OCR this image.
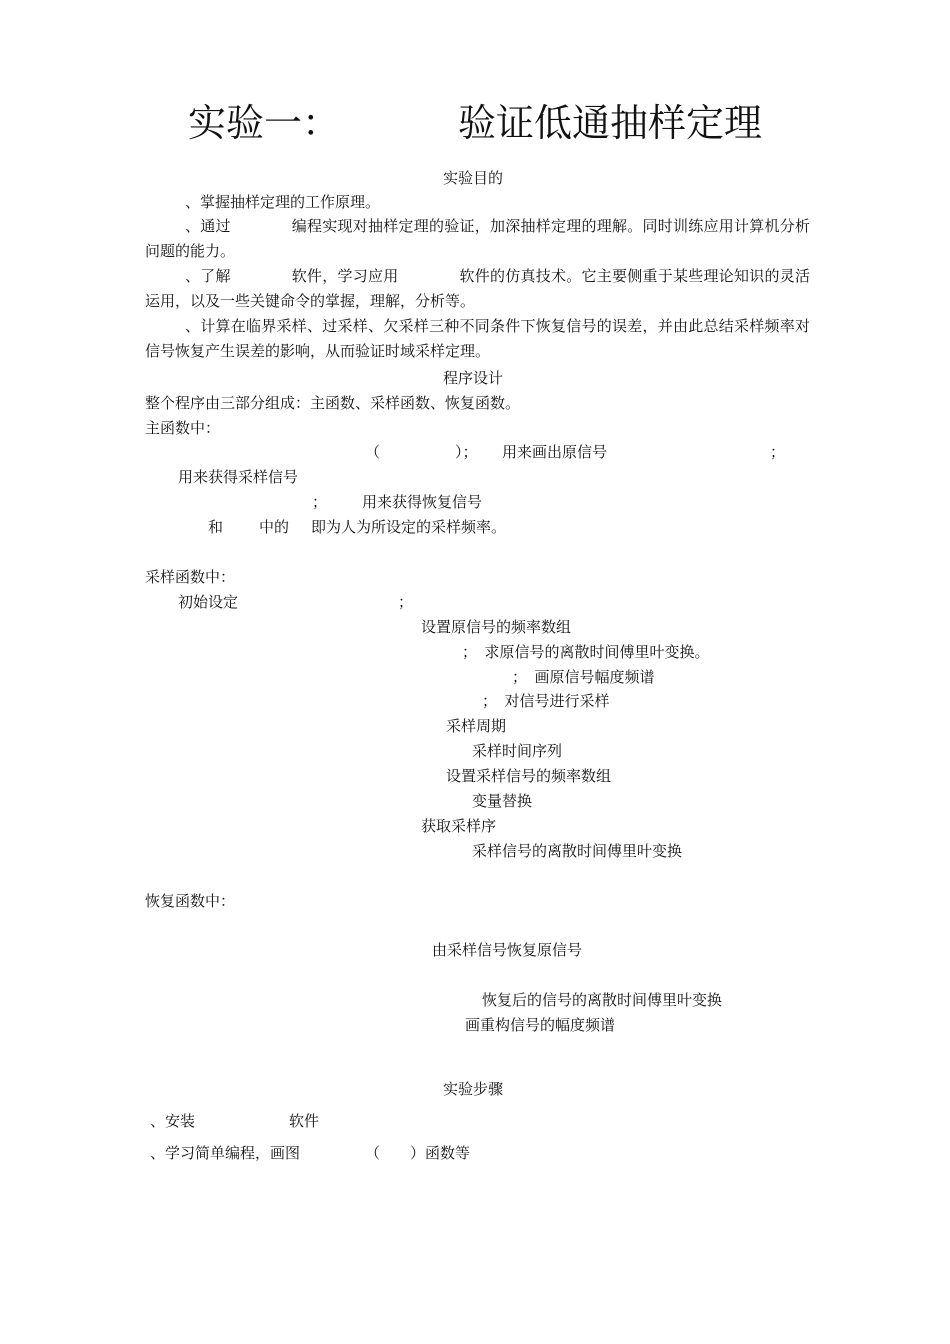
实验一：	验证低通抽样定理
实验目的
、掌握抽样定理的工作原理。
、通过　　　　编程实现对抽样定理的验证，加深抽样定理的理解。同时训练应用计算机分析问题的能力。
、了解　　　　软件，学习应用　　　　软件的仿真技术。它主要侧重于某些理论知识的灵活运用，以及一些关键命令的掌握，理解，分析等。
、计算在临界采样、过采样、欠采样三种不同条件下恢复信号的误差，并由此总结采样频率对信号恢复产生误差的影响，从而验证时域采样定理。
程序设计
整个程序由三部分组成：主函数、采样函数、恢复函数。
主函数中：
（　　　　　）； 用来画出原信号	；
用来获得采样信号
； 用来获得恢复信号
和 中的 即为人为所设定的采样频率。
采样函数中：
初始设定	；
设置原信号的频率数组
；　求原信号的离散时间傅里叶变换。
；　画原信号幅度频谱
；　对信号进行采样
采样周期
采样时间序列
设置采样信号的频率数组
变量替换
获取采样序
采样信号的离散时间傅里叶变换
恢复函数中：
由采样信号恢复原信号
恢复后的信号的离散时间傅里叶变换
画重构信号的幅度频谱
实验步骤
、安装	软件
、学习简单编程，画图	（　　）函数等
